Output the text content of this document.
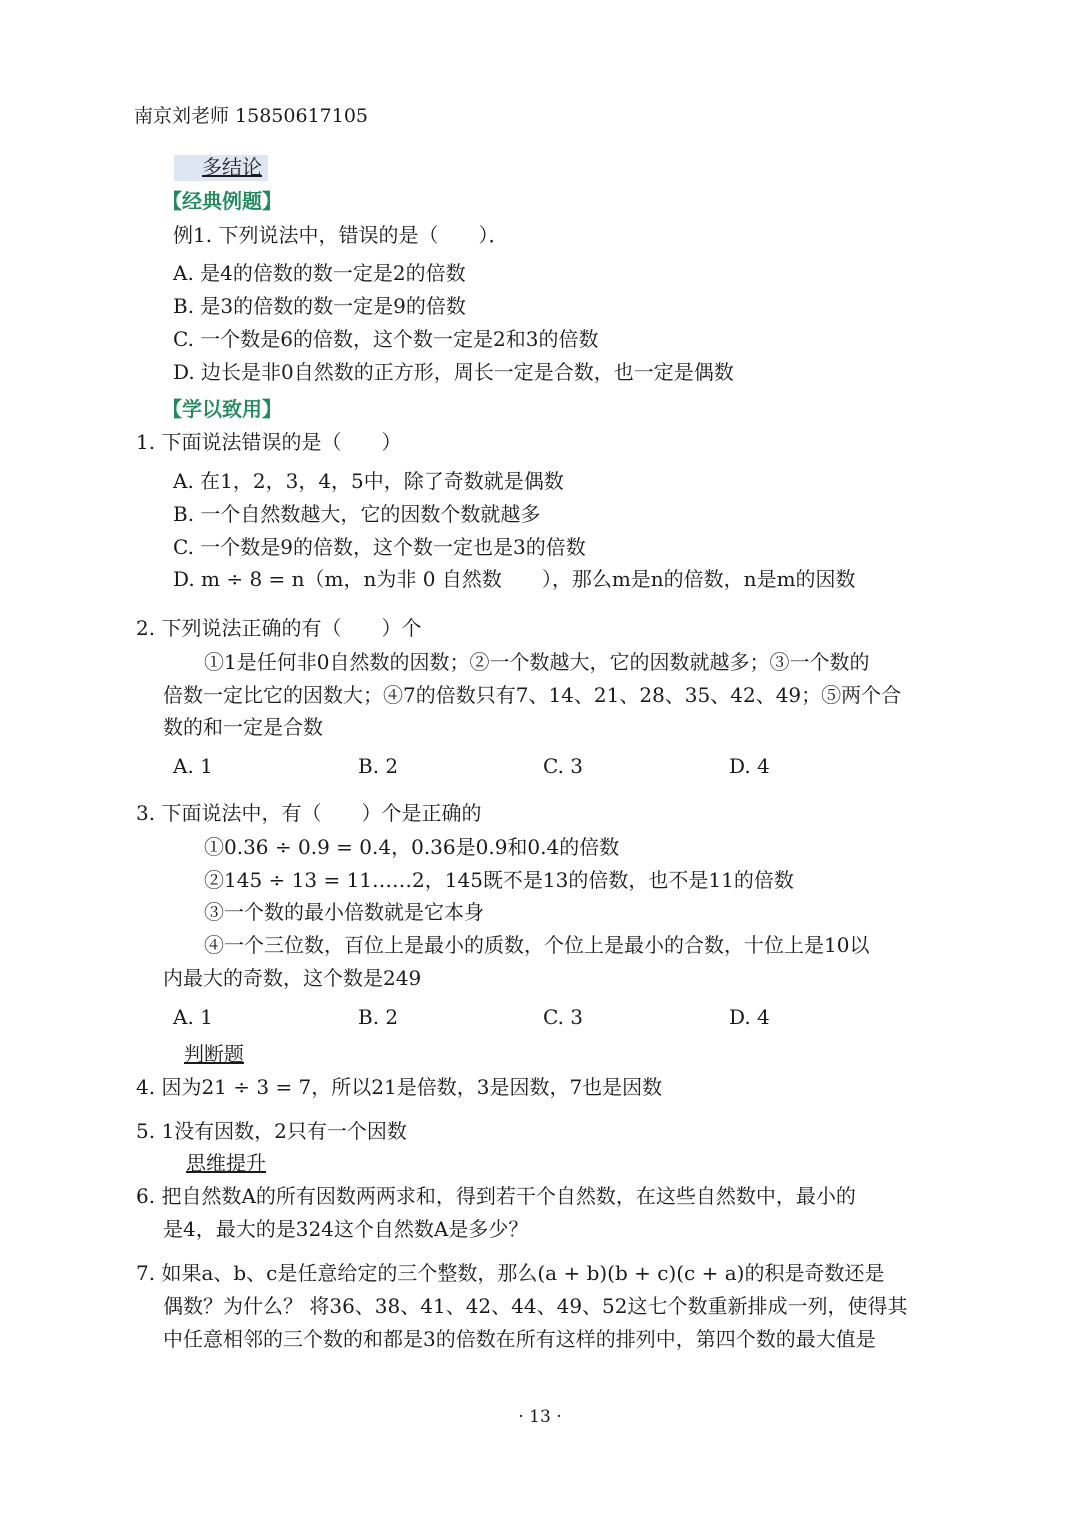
南京刘老师 15850617105
多结论
【经典例题】
例1. 下列说法中，错误的是（　　）．
A. 是4的倍数的数一定是2的倍数
B. 是3的倍数的数一定是9的倍数
C. 一个数是6的倍数，这个数一定是2和3的倍数
D. 边长是非0自然数的正方形，周长一定是合数，也一定是偶数
【学以致用】
1. 下面说法错误的是（　　）
A. 在1，2，3，4，5中，除了奇数就是偶数
B. 一个自然数越大，它的因数个数就越多
C. 一个数是9的倍数，这个数一定也是3的倍数
D. m ÷ 8 = n（m，n为非 0 自然数　　），那么m是n的倍数，n是m的因数
2. 下列说法正确的有（　　）个
①1是任何非0自然数的因数；②一个数越大，它的因数就越多；③一个数的
倍数一定比它的因数大；④7的倍数只有7、14、21、28、35、42、49；⑤两个合
数的和一定是合数
A. 1	B. 2	C. 3	D. 4
3. 下面说法中，有（　　）个是正确的
①0.36 ÷ 0.9 = 0.4，0.36是0.9和0.4的倍数
②145 ÷ 13 = 11……2，145既不是13的倍数，也不是11的倍数
③一个数的最小倍数就是它本身
④一个三位数，百位上是最小的质数，个位上是最小的合数，十位上是10以
内最大的奇数，这个数是249
A. 1	B. 2	C. 3	D. 4
判断题
4. 因为21 ÷ 3 = 7，所以21是倍数，3是因数，7也是因数
5. 1没有因数，2只有一个因数
思维提升
6. 把自然数A的所有因数两两求和，得到若干个自然数，在这些自然数中，最小的
是4，最大的是324这个自然数A是多少？
7. 如果a、b、c是任意给定的三个整数，那么(a + b)(b + c)(c + a)的积是奇数还是
偶数？为什么？ 将36、38、41、42、44、49、52这七个数重新排成一列，使得其
中任意相邻的三个数的和都是3的倍数在所有这样的排列中，第四个数的最大值是
· 13 ·
